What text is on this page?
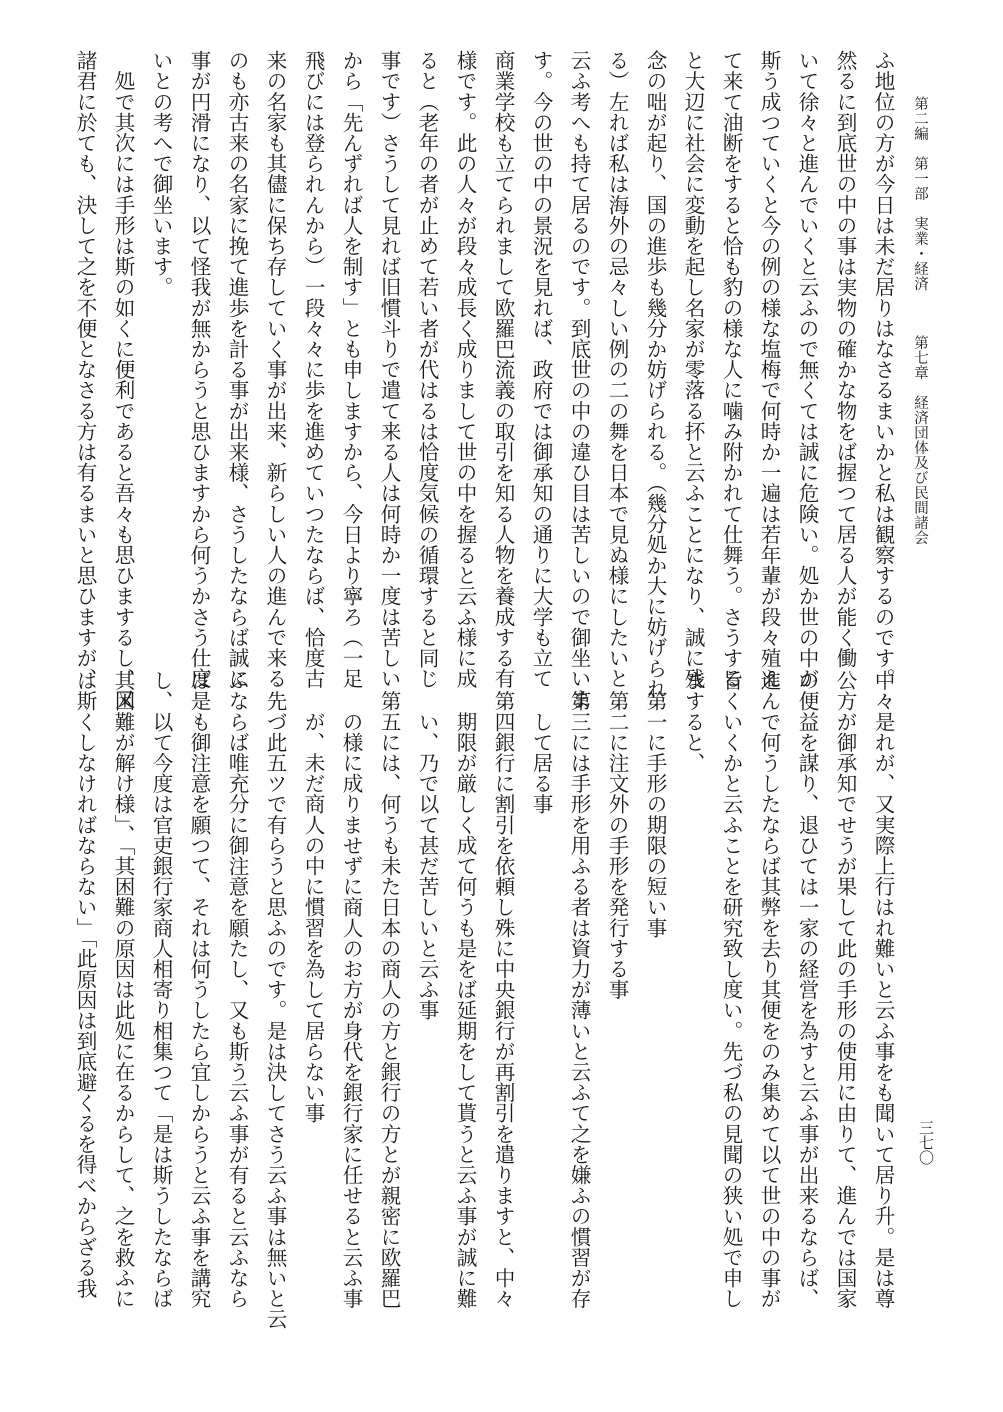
第二編　第一部　実業・経済第七章　経済団体及び民間諸会
三七〇
ふ地位の方が今日は未だ居りはなさるまいかと私は観察するのです。
然るに到底世の中の事は実物の確かな物をば握つて居る人が能く働
いて徐々と進んでいくと云ふので無くては誠に危険い。処か世の中が
斯う成つていくと今の例の様な塩梅で何時か一遍は若年輩が段々殖え
て来て油断をすると恰も豹の様な人に噛み附かれて仕舞う。さうする
と大辺に社会に変動を起し名家が零落る抔と云ふことになり、誠に残
念の咄が起り、国の進歩も幾分か妨げられる。（幾分処か大に妨げられ
る）左れば私は海外の忌々しい例の二の舞を日本で見ぬ様にしたいと
云ふ考へも持て居るのです。到底世の中の違ひ目は苦しいので御坐いま
す。今の世の中の景況を見れば、政府では御承知の通りに大学も立て
商業学校も立てられまして欧羅巴流義の取引を知る人物を養成する有
様です。此の人々が段々成長く成りまして世の中を握ると云ふ様に成
ると（老年の者が止めて若い者が代はるは恰度気候の循環すると同じ
事です）さうして見れば旧慣斗りで遣て来る人は何時か一度は苦しい
から「先んずれば人を制す」とも申しますから、今日より寧ろ（一足
飛びには登られんから）一段々々に歩を進めていつたならば、恰度古
来の名家も其儘に保ち存していく事が出来、新らしい人の進んで来る
のも亦古来の名家に挽て進歩を計る事が出来様、さうしたならば誠に
事が円滑になり、以て怪我が無からうと思ひますから何うかさう仕度
いとの考へで御坐います。
　処で其次には手形は斯の如くに便利であると吾々も思ひまするし、又
諸君に於ても、決して之を不便となさる方は有るまいと思ひますが、
中々是れが、又実際上行はれ難いと云ふ事をも聞いて居り升。是は尊
公方が御承知でせうが果して此の手形の使用に由りて、進んでは国家
の便益を謀り、退ひては一家の経営を為すと云ふ事が出来るならば、
進んで何うしたならば其弊を去り其便をのみ集めて以て世の中の事が
旨くいくかと云ふことを研究致し度い。先づ私の見聞の狭い処で申し
ますると、
　第一に手形の期限の短い事
　第二に注文外の手形を発行する事
　第三には手形を用ふる者は資力が薄いと云ふて之を嫌ふの慣習が存
　　して居る事
　第四銀行に割引を依頼し殊に中央銀行が再割引を遣りますと、中々
　　期限が厳しく成て何うも是をば延期をして貰うと云ふ事が誠に難
　　い、乃で以て甚だ苦しいと云ふ事
　第五には、何うも未た日本の商人の方と銀行の方とが親密に欧羅巴
　　の様に成りませずに商人のお方が身代を銀行家に任せると云ふ事
　　が、未だ商人の中に慣習を為して居らない事
　先づ此五ツで有らうと思ふのです。是は決してさう云ふ事は無いと云
ふならば唯充分に御注意を願たし、又も斯う云ふ事が有ると云ふなら
ば是も御注意を願つて、それは何うしたら宜しからうと云ふ事を講究
し、以て今度は官吏銀行家商人相寄り相集つて「是は斯うしたならば
其困難が解け様」、「其困難の原因は此処に在るからして、之を救ふに
は斯くしなければならない」「此原因は到底避くるを得べからざる我
